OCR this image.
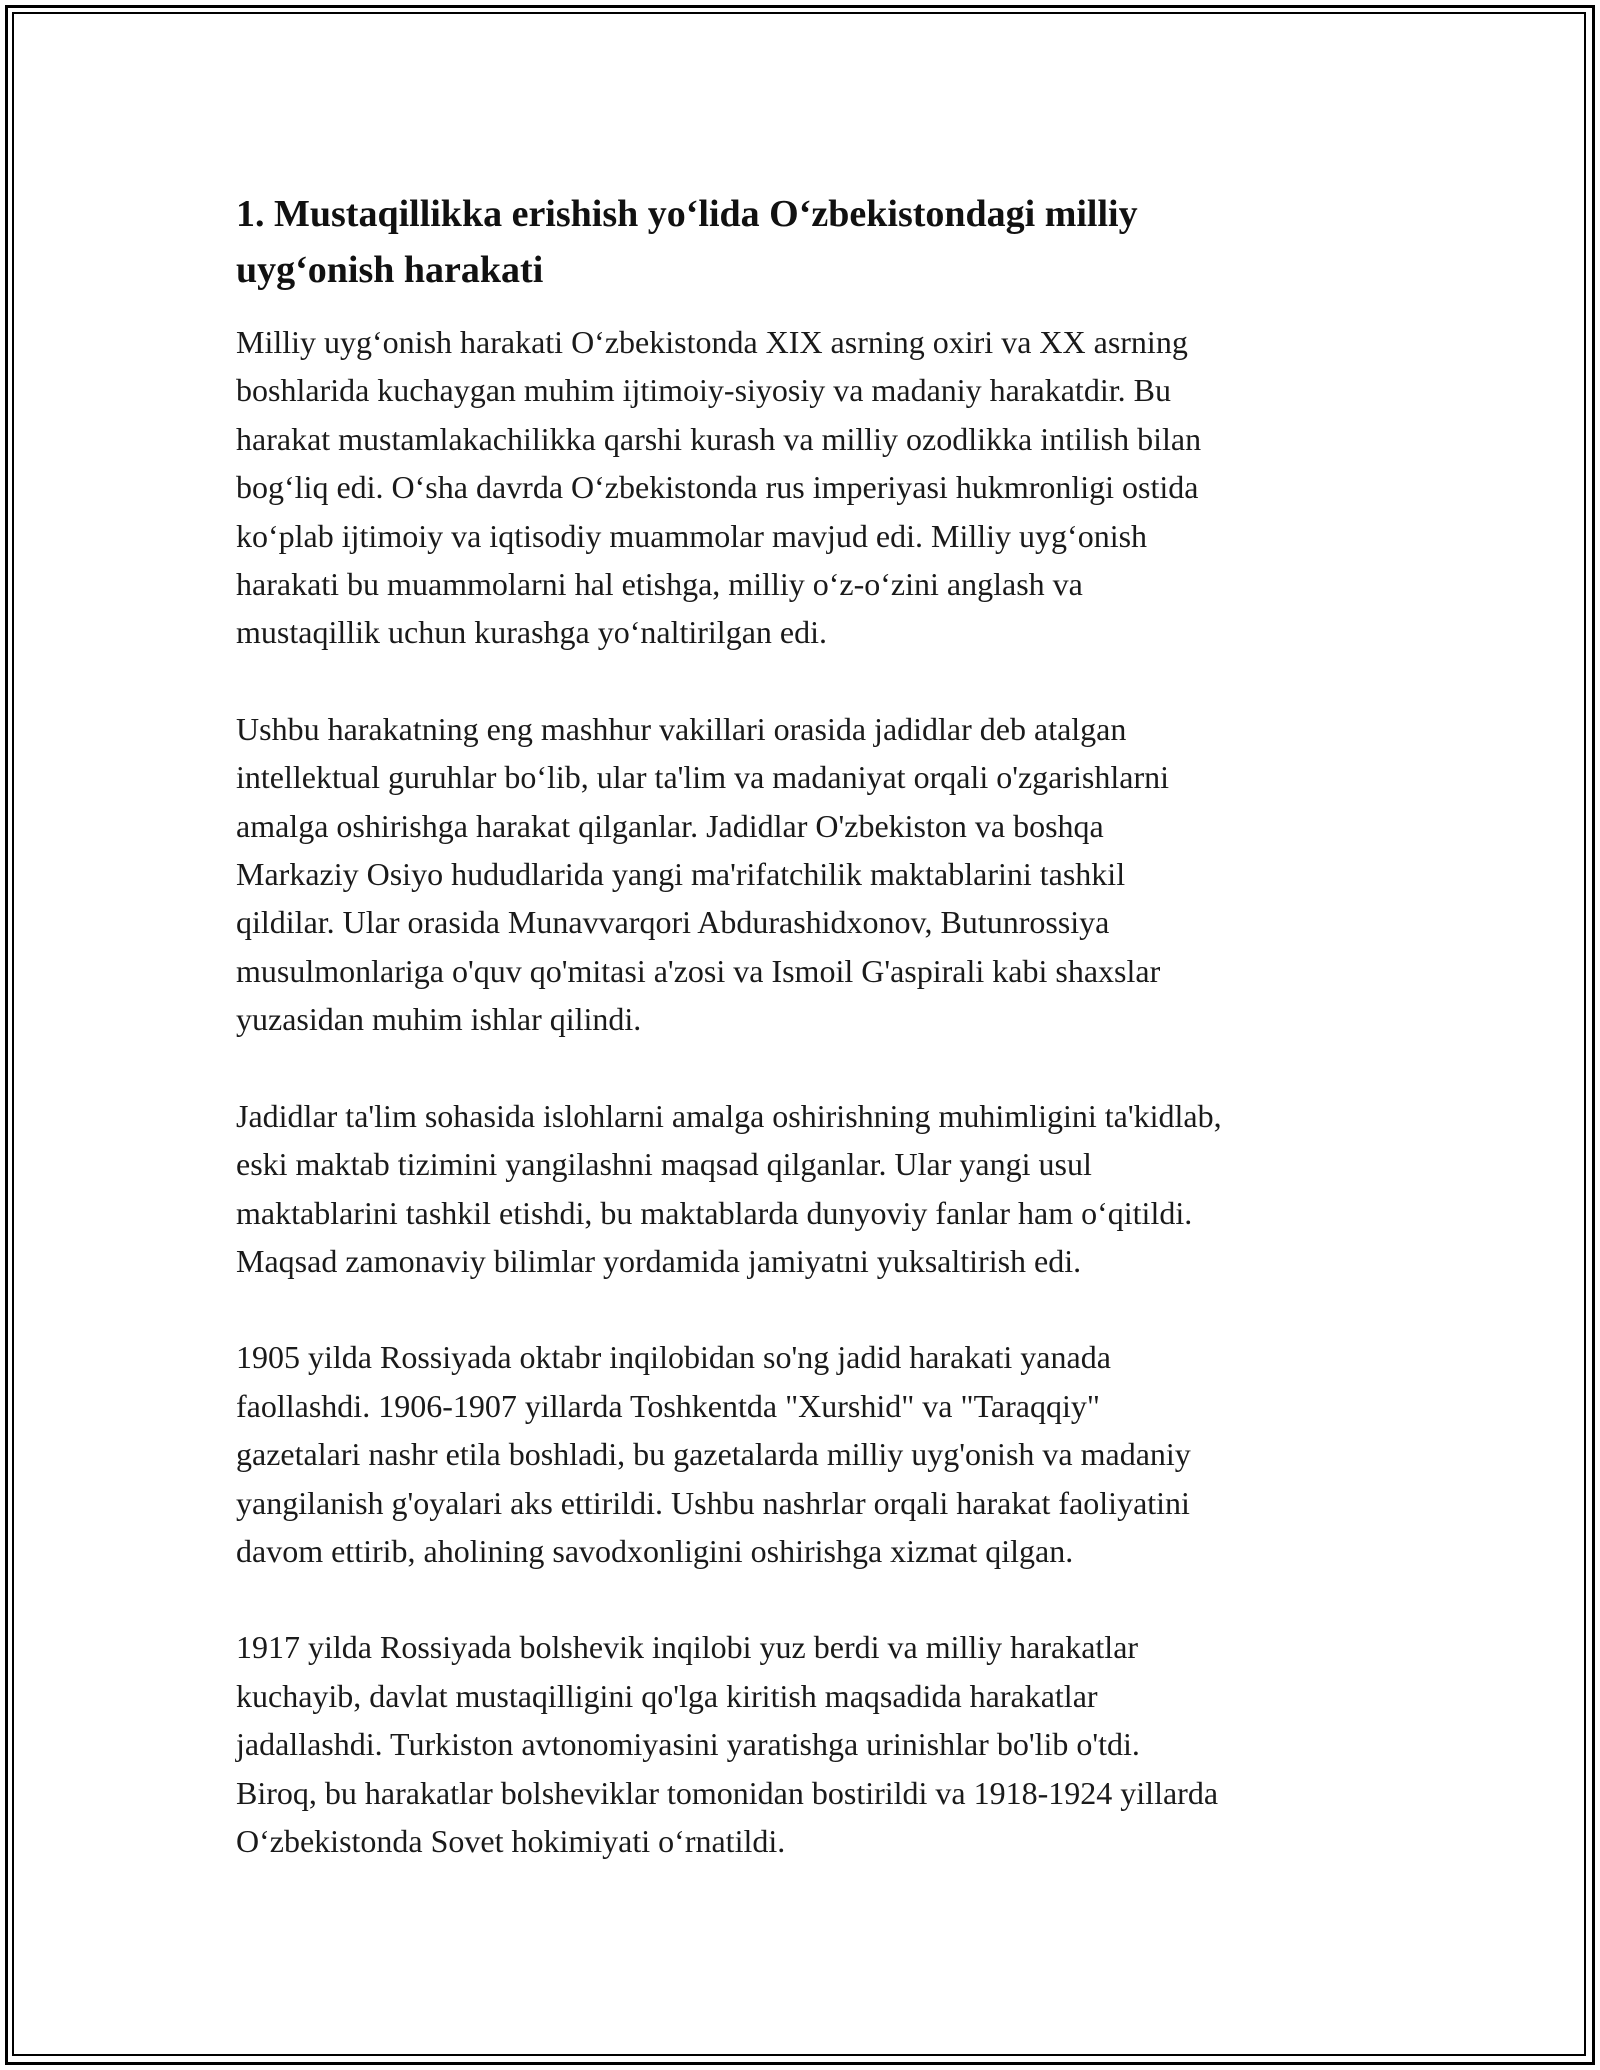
1. Mustaqillikka erishish yo‘lida O‘zbekistondagi milliy
uyg‘onish harakati

Milliy uyg‘onish harakati O‘zbekistonda XIX asrning oxiri va XX asrning
boshlarida kuchaygan muhim ijtimoiy-siyosiy va madaniy harakatdir. Bu
harakat mustamlakachilikka qarshi kurash va milliy ozodlikka intilish bilan
bog‘liq edi. O‘sha davrda O‘zbekistonda rus imperiyasi hukmronligi ostida
ko‘plab ijtimoiy va iqtisodiy muammolar mavjud edi. Milliy uyg‘onish
harakati bu muammolarni hal etishga, milliy o‘z-o‘zini anglash va
mustaqillik uchun kurashga yo‘naltirilgan edi.

Ushbu harakatning eng mashhur vakillari orasida jadidlar deb atalgan
intellektual guruhlar bo‘lib, ular ta'lim va madaniyat orqali o'zgarishlarni
amalga oshirishga harakat qilganlar. Jadidlar O'zbekiston va boshqa
Markaziy Osiyo hududlarida yangi ma'rifatchilik maktablarini tashkil
qildilar. Ular orasida Munavvarqori Abdurashidxonov, Butunrossiya
musulmonlariga o'quv qo'mitasi a'zosi va Ismoil G'aspirali kabi shaxslar
yuzasidan muhim ishlar qilindi.

Jadidlar ta'lim sohasida islohlarni amalga oshirishning muhimligini ta'kidlab,
eski maktab tizimini yangilashni maqsad qilganlar. Ular yangi usul
maktablarini tashkil etishdi, bu maktablarda dunyoviy fanlar ham o‘qitildi.
Maqsad zamonaviy bilimlar yordamida jamiyatni yuksaltirish edi.

1905 yilda Rossiyada oktabr inqilobidan so'ng jadid harakati yanada
faollashdi. 1906-1907 yillarda Toshkentda "Xurshid" va "Taraqqiy"
gazetalari nashr etila boshladi, bu gazetalarda milliy uyg'onish va madaniy
yangilanish g'oyalari aks ettirildi. Ushbu nashrlar orqali harakat faoliyatini
davom ettirib, aholining savodxonligini oshirishga xizmat qilgan.

1917 yilda Rossiyada bolshevik inqilobi yuz berdi va milliy harakatlar
kuchayib, davlat mustaqilligini qo'lga kiritish maqsadida harakatlar
jadallashdi. Turkiston avtonomiyasini yaratishga urinishlar bo'lib o'tdi.
Biroq, bu harakatlar bolsheviklar tomonidan bostirildi va 1918-1924 yillarda
O‘zbekistonda Sovet hokimiyati o‘rnatildi.
